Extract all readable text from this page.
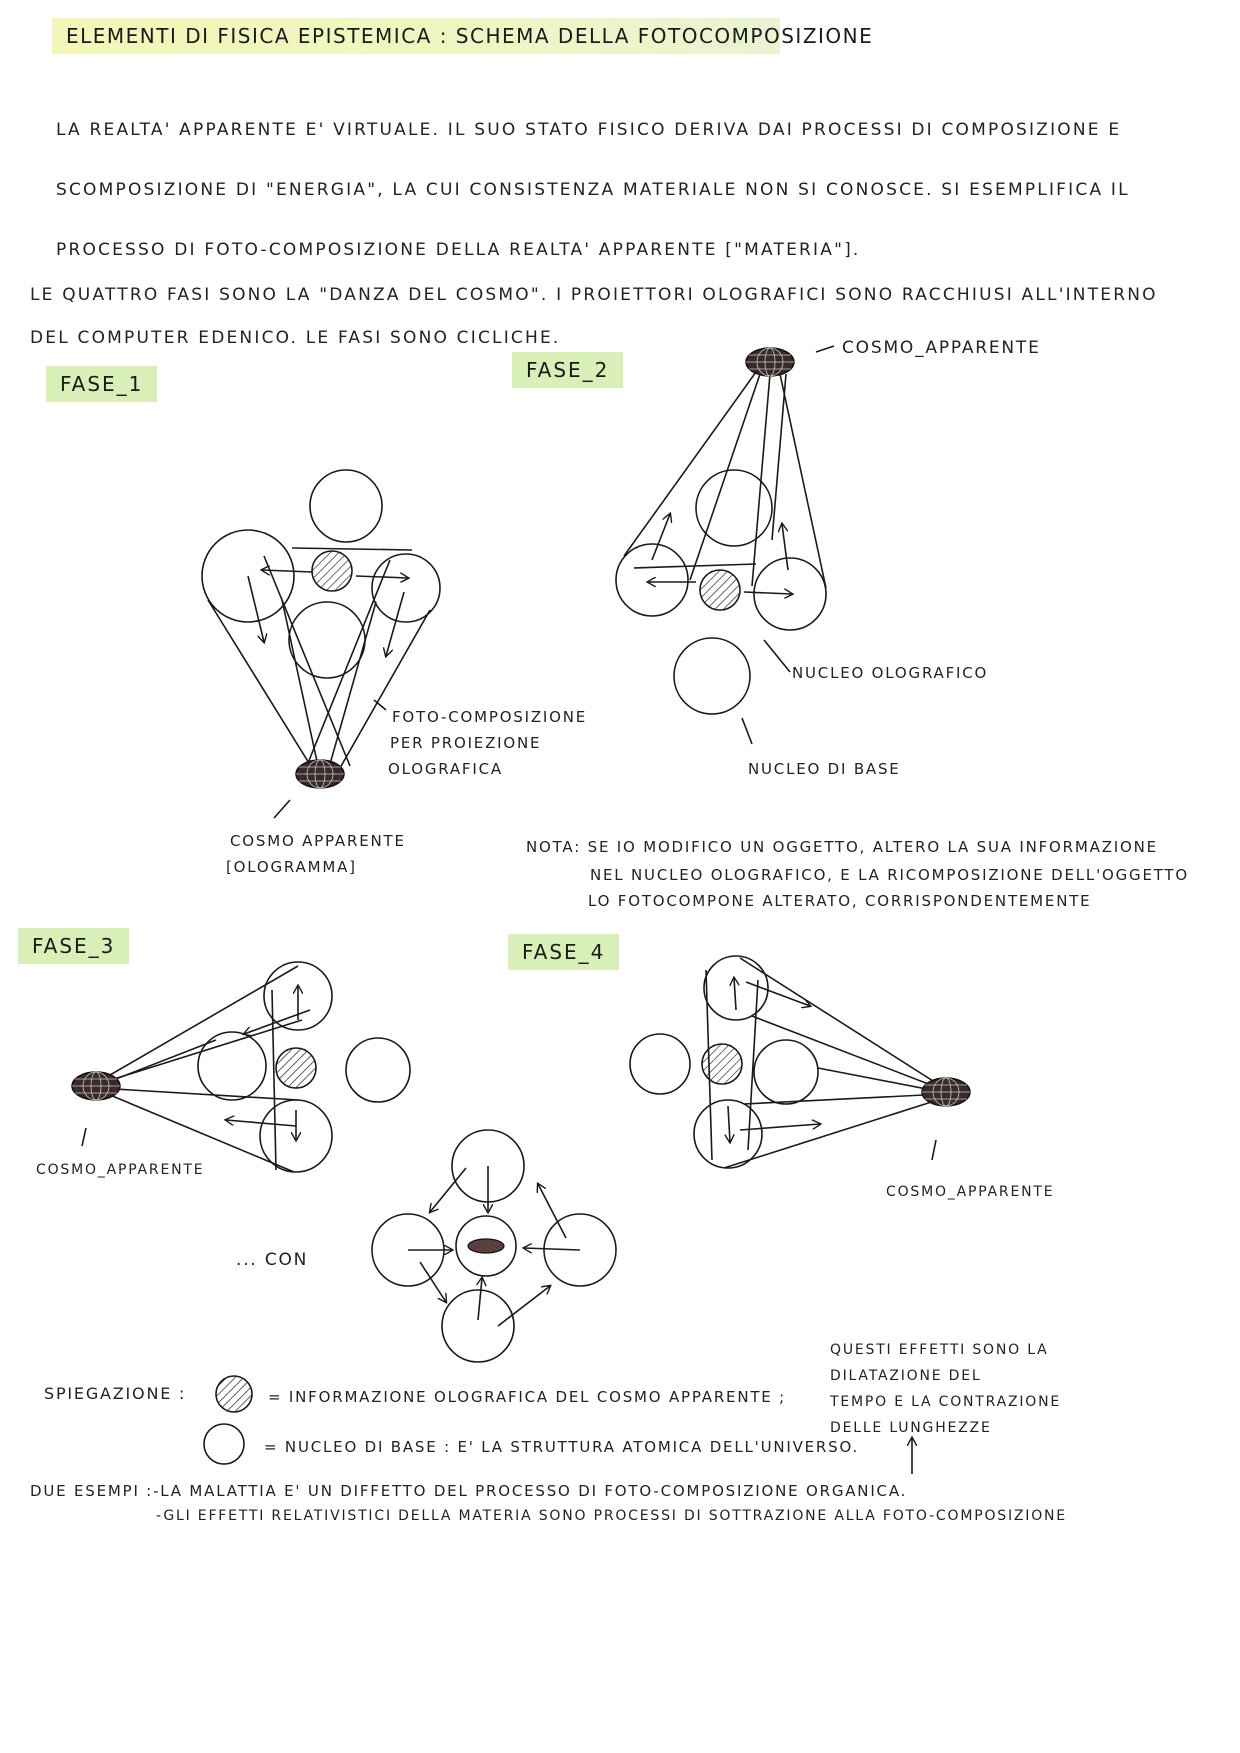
ELEMENTI DI FISICA EPISTEMICA : SCHEMA DELLA FOTOCOMPOSIZIONE
LA REALTA' APPARENTE E' VIRTUALE. IL SUO STATO FISICO DERIVA DAI PROCESSI DI COMPOSIZIONE E
SCOMPOSIZIONE DI "ENERGIA", LA CUI CONSISTENZA MATERIALE NON SI CONOSCE. SI ESEMPLIFICA IL
PROCESSO DI FOTO-COMPOSIZIONE DELLA REALTA' APPARENTE ["MATERIA"].
LE QUATTRO FASI SONO LA "DANZA DEL COSMO". I PROIETTORI OLOGRAFICI SONO RACCHIUSI ALL'INTERNO
DEL COMPUTER EDENICO. LE FASI SONO CICLICHE.
FASE_1
FASE_2
FASE_3	FASE_4
COSMO_APPARENTE
FOTO-COMPOSIZIONE
PER PROIEZIONE
OLOGRAFICA
COSMO APPARENTE
[OLOGRAMMA]
NUCLEO OLOGRAFICO
NUCLEO DI BASE
NOTA: SE IO MODIFICO UN OGGETTO, ALTERO LA SUA INFORMAZIONE
NEL NUCLEO OLOGRAFICO, E LA RICOMPOSIZIONE DELL'OGGETTO
LO FOTOCOMPONE ALTERATO, CORRISPONDENTEMENTE
COSMO_APPARENTE
COSMO_APPARENTE
... CON
QUESTI EFFETTI SONO LA
DILATAZIONE DEL
TEMPO E LA CONTRAZIONE
DELLE LUNGHEZZE
SPIEGAZIONE :	= INFORMAZIONE OLOGRAFICA DEL COSMO APPARENTE ;
= NUCLEO DI BASE : E' LA STRUTTURA ATOMICA DELL'UNIVERSO.
DUE ESEMPI :-LA MALATTIA E' UN DIFFETTO DEL PROCESSO DI FOTO-COMPOSIZIONE ORGANICA.
-GLI EFFETTI RELATIVISTICI DELLA MATERIA SONO PROCESSI DI SOTTRAZIONE ALLA FOTO-COMPOSIZIONE
